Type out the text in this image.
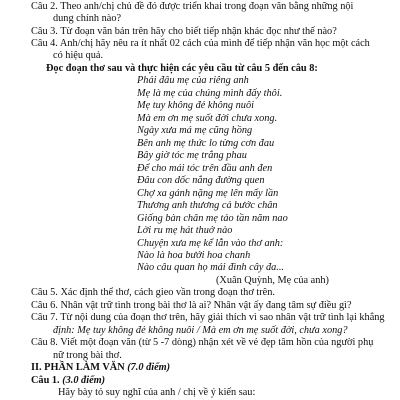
Câu 2. Theo anh/chị chủ đề đó được triển khai trong đoạn văn bằng những nội
dung chính nào?
Câu 3. Từ đoạn văn bản trên hãy cho biết tiếp nhận khác đọc như thế nào?
Câu 4. Anh/chị hãy nêu ra ít nhất 02 cách của mình để tiếp nhận văn học một cách
có hiệu quả.
Đọc đoạn thơ sau và thực hiện các yêu cầu từ câu 5 đến câu 8:
Phải đâu mẹ của riêng anh
Mẹ là mẹ của chúng mình đấy thôi.
Mẹ tuy không đẻ không nuôi
Mà em ơn mẹ suốt đời chưa xong.
Ngày xưa má mẹ cũng hồng
Bên anh mẹ thức lo từng cơn đau
Bây giờ tóc mẹ trắng phau
Để cho mái tóc trên đầu anh đen
Đâu con dốc nắng đường quen
Chợ xa gánh nặng mẹ lên mấy lần
Thương anh thương cả bước chân
Giống bàn chân mẹ tảo tần năm nao
Lời ru mẹ hát thuở nào
Chuyện xưa mẹ kể lẫn vào thơ anh:
Nào là hoa bưởi hoa chanh
Nào câu quan họ mái đình cây đa...
(Xuân Quỳnh, Mẹ của anh)
Câu 5. Xác định thể thơ, cách gieo vần trong đoạn thơ trên.
Câu 6. Nhân vật trữ tình trong bài thơ là ai? Nhân vật ấy đang tâm sự điều gì?
Câu 7. Từ nội dung của đoạn thơ trên, hãy giải thích vì sao nhân vật trữ tình lại khẳng
định: Mẹ tuy không đẻ không nuôi / Mà em ơn mẹ suốt đời, chưa xong?
Câu 8. Viết một đoạn văn (từ 5 -7 dòng) nhận xét về vẻ đẹp tâm hồn của người phụ
nữ trong bài thơ.
II. PHẦN LÀM VĂN (7.0 điểm)
Câu 1. (3.0 điểm)
Hãy bày tỏ suy nghĩ của anh / chị về ý kiến sau:
